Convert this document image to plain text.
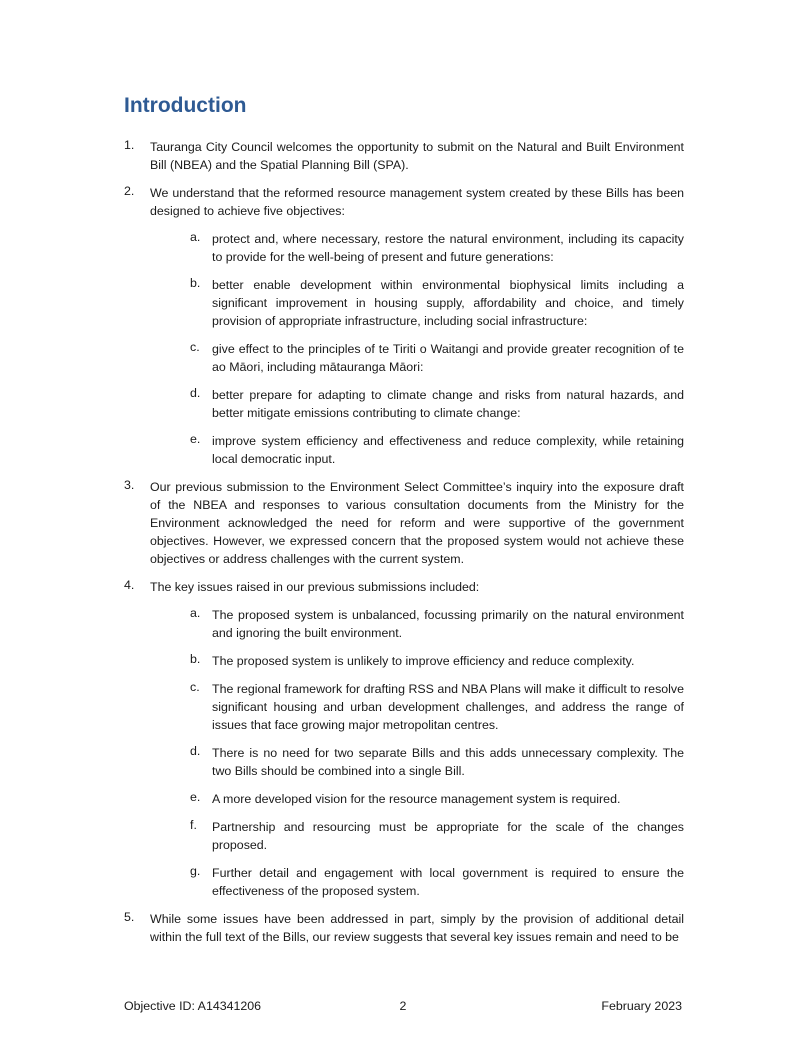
Introduction
1.	Tauranga City Council welcomes the opportunity to submit on the Natural and Built Environment Bill (NBEA) and the Spatial Planning Bill (SPA).

2.	We understand that the reformed resource management system created by these Bills has been designed to achieve five objectives:

a. protect and, where necessary, restore the natural environment, including its capacity to provide for the well-being of present and future generations:

b. better enable development within environmental biophysical limits including a significant improvement in housing supply, affordability and choice, and timely provision of appropriate infrastructure, including social infrastructure:

c. give effect to the principles of te Tiriti o Waitangi and provide greater recognition of te ao Māori, including mātauranga Māori:

d. better prepare for adapting to climate change and risks from natural hazards, and better mitigate emissions contributing to climate change:

e. improve system efficiency and effectiveness and reduce complexity, while retaining local democratic input.

3.	Our previous submission to the Environment Select Committee’s inquiry into the exposure draft of the NBEA and responses to various consultation documents from the Ministry for the Environment acknowledged the need for reform and were supportive of the government objectives. However, we expressed concern that the proposed system would not achieve these objectives or address challenges with the current system.

4.	The key issues raised in our previous submissions included:

a. The proposed system is unbalanced, focussing primarily on the natural environment and ignoring the built environment.

b. The proposed system is unlikely to improve efficiency and reduce complexity.

c. The regional framework for drafting RSS and NBA Plans will make it difficult to resolve significant housing and urban development challenges, and address the range of issues that face growing major metropolitan centres.

d. There is no need for two separate Bills and this adds unnecessary complexity. The two Bills should be combined into a single Bill.

e. A more developed vision for the resource management system is required.

f.	Partnership and resourcing must be appropriate for the scale of the changes proposed.

g. Further detail and engagement with local government is required to ensure the effectiveness of the proposed system.

5.	While some issues have been addressed in part, simply by the provision of additional detail within the full text of the Bills, our review suggests that several key issues remain and need to be

Objective ID: A14341206	2	February 2023
